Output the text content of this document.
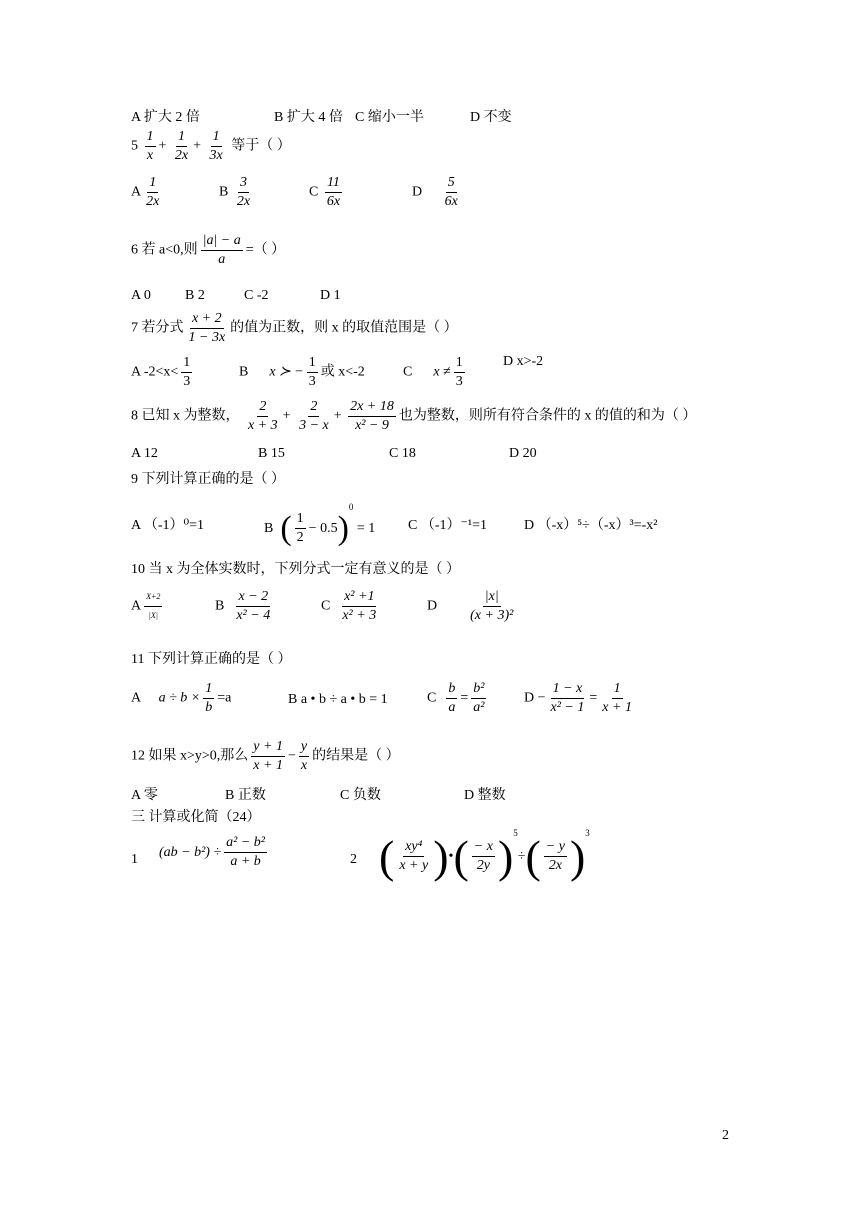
A 扩大 2 倍	B 扩大 4 倍 C 缩小一半	D 不变
$5 \frac{1}{x} + \frac{1}{2x} + \frac{1}{3x}$ 等于（ ）
A $\frac{1}{2x}$	B $\frac{3}{2x}$	C $\frac{11}{6x}$	D $\frac{5}{6x}$
6 若 a<0,则 $\frac{|a| - a}{a}$ =（ ）
A 0 B 2	C -2	D 1
7 若分式 $\frac{x + 2}{1 - 3x}$ 的值为正数，则 x 的取值范围是（ ）
A $-2<x< \frac{1}{3}$	B x ≻ − $\frac{1}{3}$ 或 x<-2	C $x \ne \frac{1}{3}$	D x>-2
8 已知 x 为整数， $\frac{2}{x + 3} + \frac{2}{3 - x} + \frac{2x + 18}{\text{x² − 9}}$ 也为整数，则所有符合条件的 x 的值的和为（ ）
A 12	B 15	C 18	D 20
9 下列计算正确的是（ ）
A （-1）⁰=1	B ( $\frac{1}{2} - 0.5)^0 = 1$ C （-1）⁻¹=1	D （-x）⁵÷（-x）³=-x²
10 当 x 为全体实数时，下列分式一定有意义的是（ ）
A $\frac{X+2}{|X|}$	B $\frac{x - 2}{\text{x² − 4}}$	C $\frac{\text{x² +1}}{\text{x² + 3}}$	D $\frac{|x|}{\text{(x + 3)²}}$
11 下列计算正确的是（ ）
A $a \div b \times \frac{1}{b} =a$	B a • b ÷ a • b = 1	C $\frac{b}{a} = \frac{\text{b²}}{\text{a²}}$	$D - \frac{1 - x}{\text{x² − 1}} = \frac{1}{x + 1}$
12 如果 x>y>0,那么 $\frac{y + 1}{x + 1} - \frac{y}{x}$ 的结果是（ ）
A 零	B 正数	C 负数	D 整数
三 计算或化简（24）
1 $(ab - b^2) \div \frac{\text{a² − b²}}{a + b}$	2 ( $\frac{\text{xy⁴}}{x + y}$ )•( $\frac{- x}{2y} )^5\div( \frac{- y}{2x} )^3$
2
